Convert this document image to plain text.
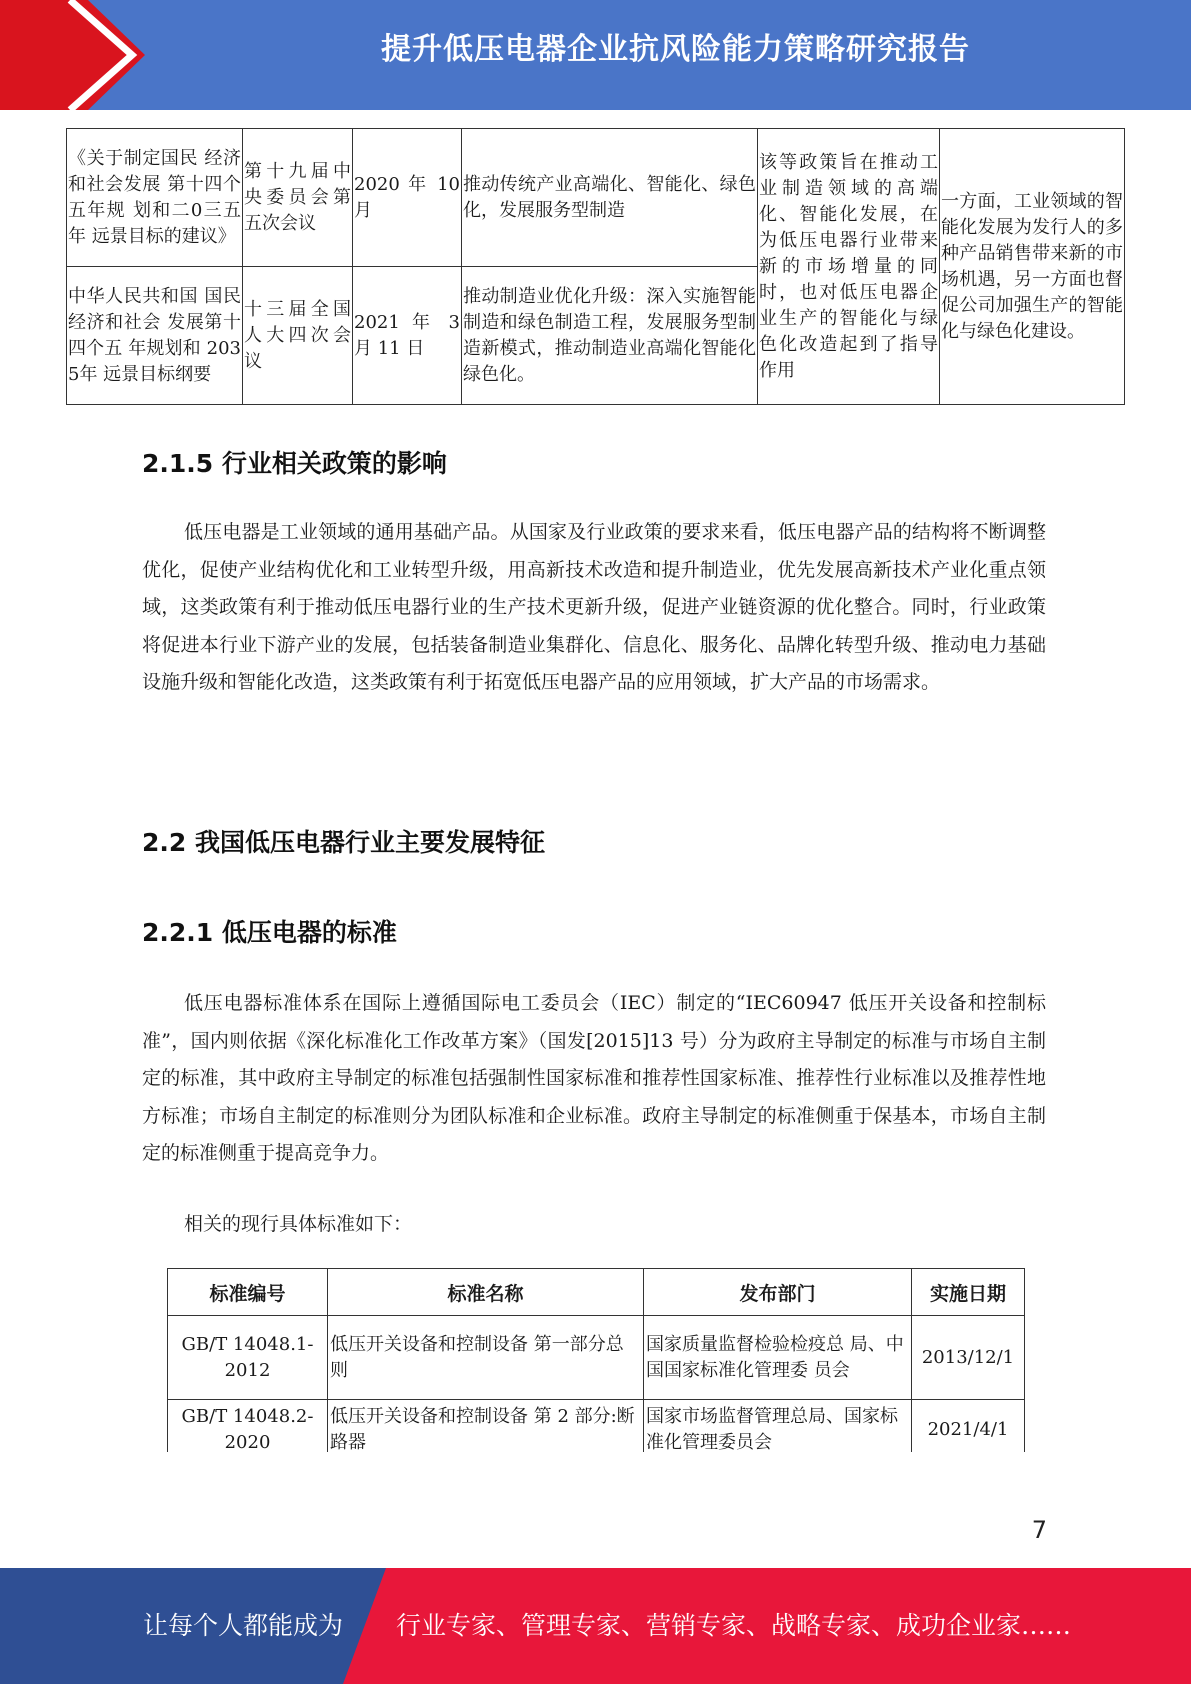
提升低压电器企业抗风险能力策略研究报告
《关于制定国民 经济和社会发展 第十四个五年规 划和二0三五年 远景目标的建议》	第十九届中央委员会第五次会议	2020 年 10 月	推动传统产业高端化、智能化、绿色化，发展服务型制造	该等政策旨在推动工业制造领域的高端化、智能化发展，在为低压电器行业带来新的市场增量的同时，也对低压电器企业生产的智能化与绿色化改造起到了指导作用	一方面，工业领域的智能化发展为发行人的多种产品销售带来新的市场机遇，另一方面也督促公司加强生产的智能化与绿色化建设。
中华人民共和国 国民经济和社会 发展第十四个五 年规划和 2035年 远景目标纲要	十三届全国人大四次会议	2021 年 3 月 11 日	推动制造业优化升级：深入实施智能制造和绿色制造工程，发展服务型制造新模式，推动制造业高端化智能化绿色化。		
2.1.5 行业相关政策的影响

低压电器是工业领域的通用基础产品。从国家及行业政策的要求来看，低压电器产品的结构将不断调整优化，促使产业结构优化和工业转型升级，用高新技术改造和提升制造业，优先发展高新技术产业化重点领域，这类政策有利于推动低压电器行业的生产技术更新升级，促进产业链资源的优化整合。同时，行业政策将促进本行业下游产业的发展，包括装备制造业集群化、信息化、服务化、品牌化转型升级、推动电力基础设施升级和智能化改造，这类政策有利于拓宽低压电器产品的应用领域，扩大产品的市场需求。

2.2 我国低压电器行业主要发展特征
2.2.1 低压电器的标准

低压电器标准体系在国际上遵循国际电工委员会（IEC）制定的“IEC60947 低压开关设备和控制标准”，国内则依据《深化标准化工作改革方案》（国发[2015]13 号）分为政府主导制定的标准与市场自主制定的标准，其中政府主导制定的标准包括强制性国家标准和推荐性国家标准、推荐性行业标准以及推荐性地方标准；市场自主制定的标准则分为团队标准和企业标准。政府主导制定的标准侧重于保基本，市场自主制定的标准侧重于提高竞争力。

相关的现行具体标准如下：

标准编号	标准名称	发布部门	实施日期
GB/T 14048.1-2012	低压开关设备和控制设备 第一部分总则	国家质量监督检验检疫总 局、中国国家标准化管理委 员会	2013/12/1
GB/T 14048.2-2020	低压开关设备和控制设备 第 2 部分:断路器	国家市场监督管理总局、国家标准化管理委员会	2021/4/1
7
让每个人都能成为 行业专家、管理专家、营销专家、战略专家、成功企业家……
